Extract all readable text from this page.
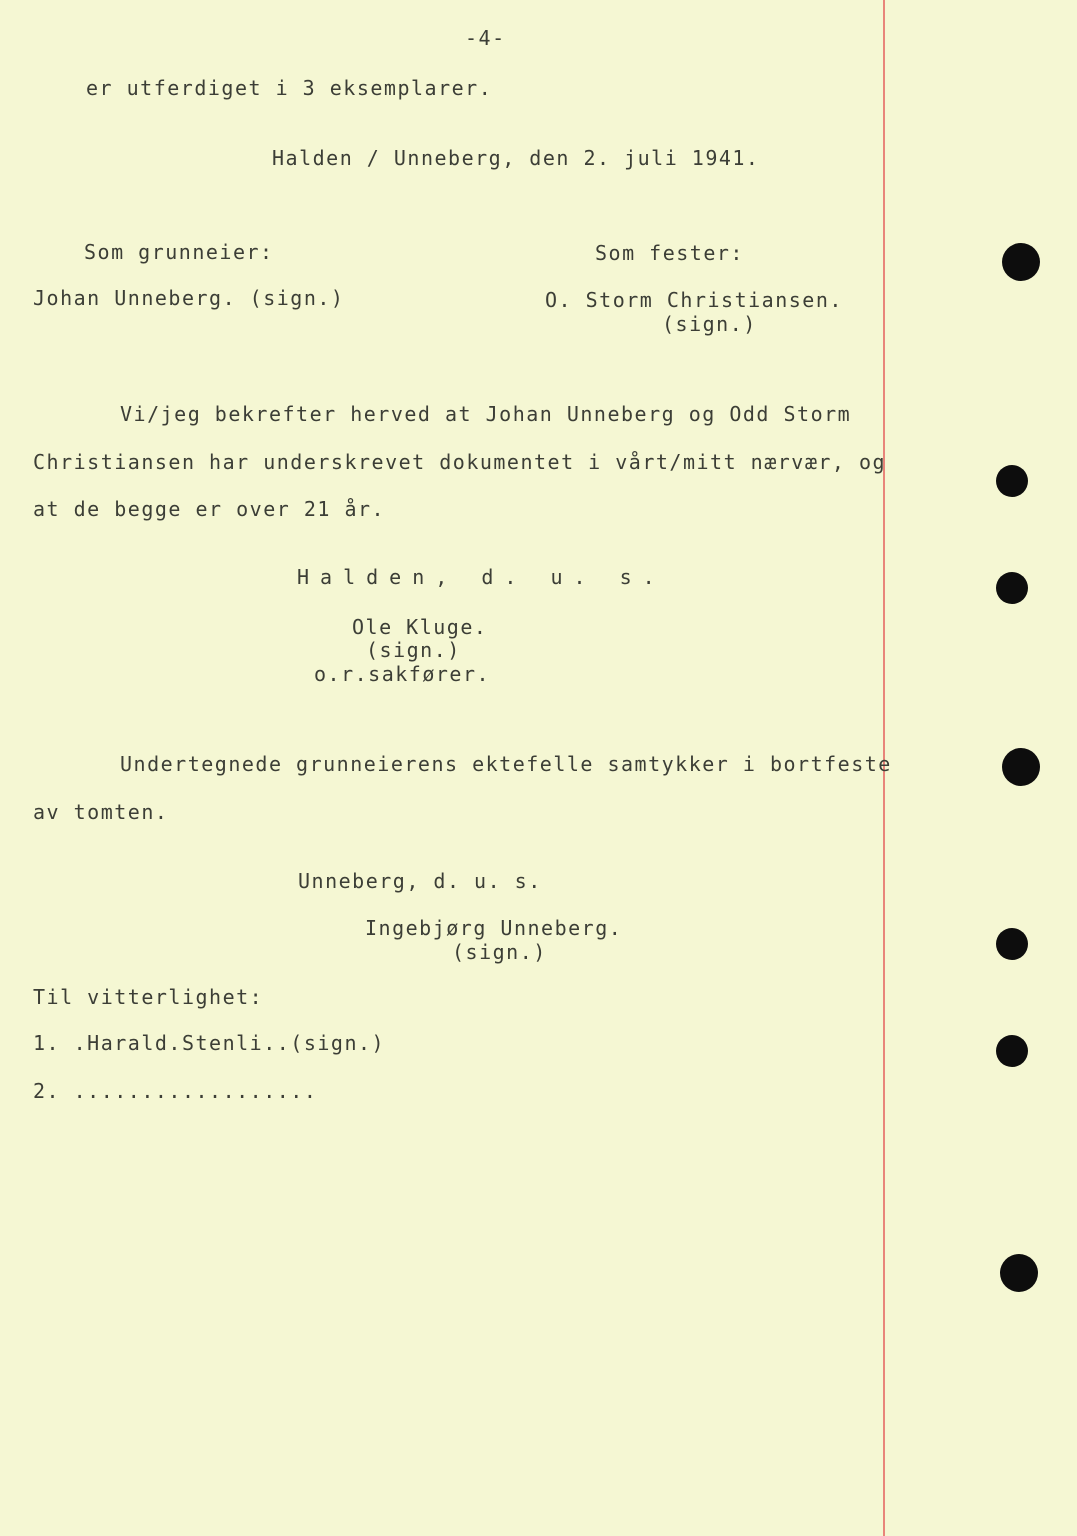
-4-
er utferdiget i 3 eksemplarer.
Halden / Unneberg, den 2. juli 1941.
Som grunneier:	Som fester:
Johan Unneberg. (sign.)	O. Storm Christiansen.
(sign.)
Vi/jeg bekrefter herved at Johan Unneberg og Odd Storm
Christiansen har underskrevet dokumentet i vårt/mitt nærvær, og
at de begge er over 21 år.
Halden, d. u. s.
Ole Kluge.
(sign.)
o.r.sakfører.
Undertegnede grunneierens ektefelle samtykker i bortfeste
av tomten.
Unneberg, d. u. s.
Ingebjørg Unneberg.
(sign.)
Til vitterlighet:
1. .Harald.Stenli..(sign.)
2. ..................
